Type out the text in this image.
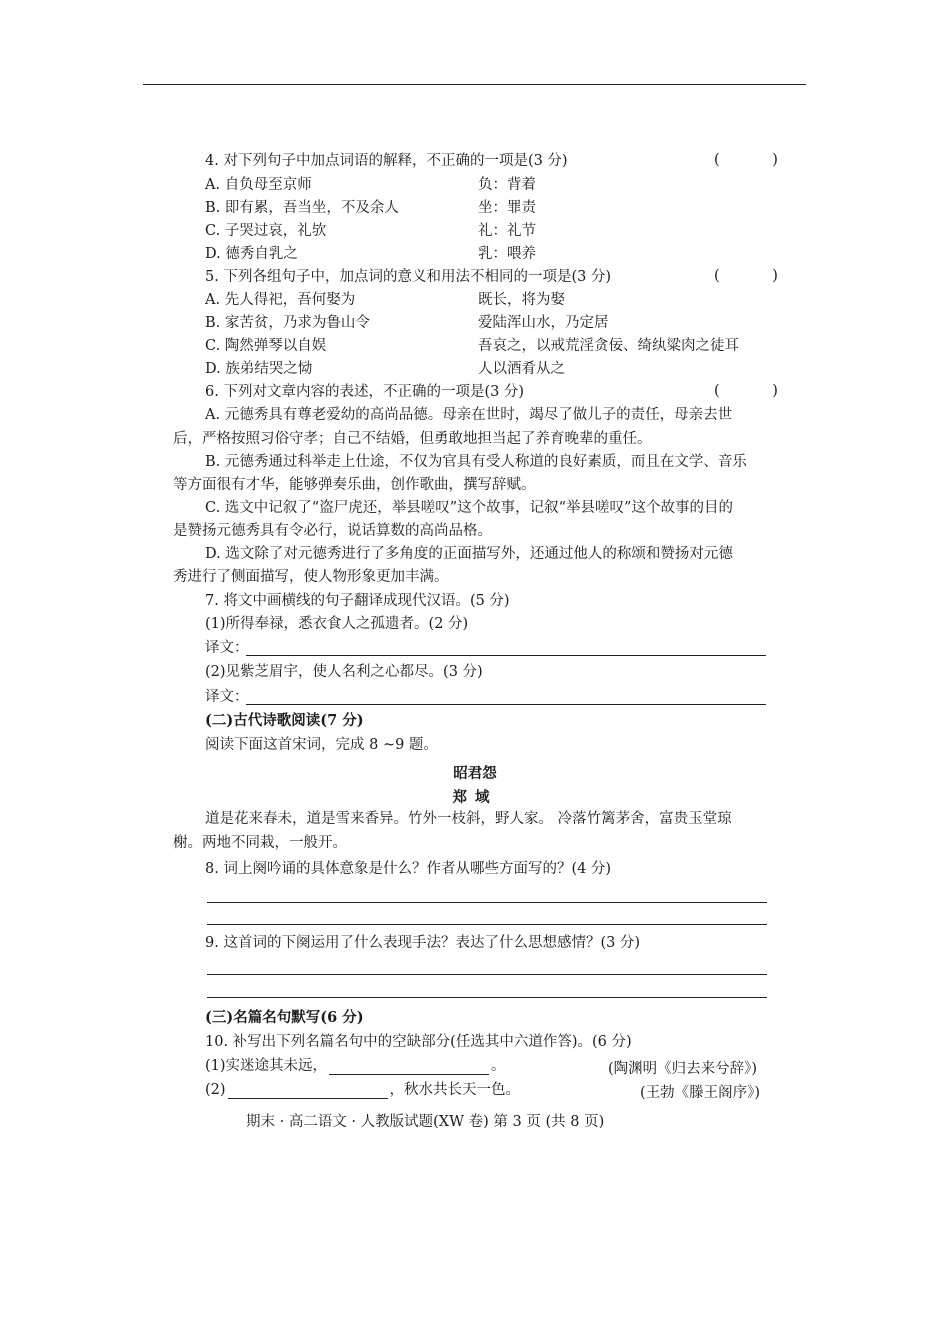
4. 对下列句子中加点词语的解释，不正确的一项是(3 分)	( )
A. 自负母至京师	负：背着
B. 即有累，吾当坐，不及余人	坐：罪责
C. 子哭过哀，礼欤	礼：礼节
D. 德秀自乳之	乳：喂养
5. 下列各组句子中，加点词的意义和用法不相同的一项是(3 分)	( )
A. 先人得祀，吾何娶为	既长，将为娶
B. 家苦贫，乃求为鲁山令	爱陆浑山水，乃定居
C. 陶然弹琴以自娱	吾哀之，以戒荒淫贪佞、绮纨粱肉之徒耳
D. 族弟结哭之恸	人以酒肴从之
6. 下列对文章内容的表述，不正确的一项是(3 分)	( )
A. 元德秀具有尊老爱幼的高尚品德。母亲在世时，竭尽了做儿子的责任，母亲去世
后，严格按照习俗守孝；自己不结婚，但勇敢地担当起了养育晚辈的重任。
B. 元德秀通过科举走上仕途，不仅为官具有受人称道的良好素质，而且在文学、音乐
等方面很有才华，能够弹奏乐曲，创作歌曲，撰写辞赋。
C. 选文中记叙了“盗尸虎还，举县嗟叹”这个故事，记叙“举县嗟叹”这个故事的目的
是赞扬元德秀具有令必行，说话算数的高尚品格。
D. 选文除了对元德秀进行了多角度的正面描写外，还通过他人的称颂和赞扬对元德
秀进行了侧面描写，使人物形象更加丰满。
7. 将文中画横线的句子翻译成现代汉语。(5 分)
(1)所得奉禄，悉衣食人之孤遗者。(2 分)
译文：
(2)见紫芝眉宇，使人名利之心都尽。(3 分)
译文：
(二)古代诗歌阅读(7 分)
阅读下面这首宋词，完成 8 ~9 题。
昭君怨
郑域
道是花来春未，道是雪来香异。竹外一枝斜，野人家。 冷落竹篱茅舍，富贵玉堂琼
榭。两地不同栽，一般开。
8. 词上阕吟诵的具体意象是什么？作者从哪些方面写的？(4 分)
9. 这首词的下阕运用了什么表现手法？表达了什么思想感情？(3 分)
(三)名篇名句默写(6 分)
10. 补写出下列名篇名句中的空缺部分(任选其中六道作答)。(6 分)
(1)实迷途其未远，	。	(陶渊明《归去来兮辞》)
(2)	，秋水共长天一色。	(王勃《滕王阁序》)
期末 · 高二语文 · 人教版试题(XW 卷) 第 3 页 (共 8 页)
